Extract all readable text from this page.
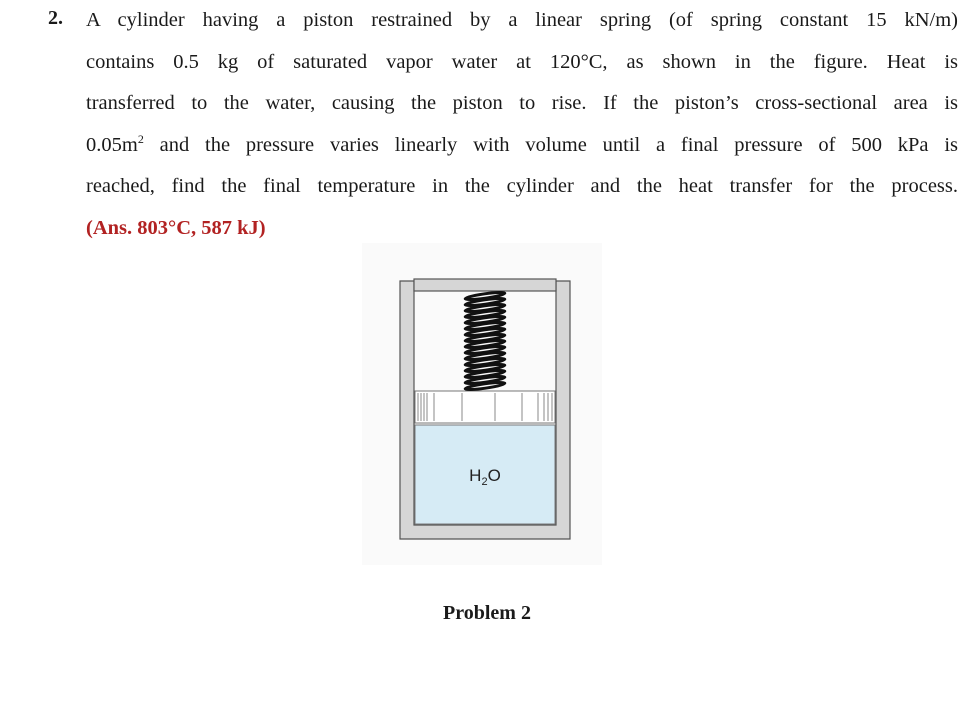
2. A cylinder having a piston restrained by a linear spring (of spring constant 15 kN/m)
contains 0.5 kg of saturated vapor water at 120°C, as shown in the figure. Heat is
transferred to the water, causing the piston to rise. If the piston’s cross-sectional area is
$0.05m^2$ and the pressure varies linearly with volume until a final pressure of 500 kPa is
reached, find the final temperature in the cylinder and the heat transfer for the process.
(Ans. 803°C, 587 kJ)
$H_2O$
Problem 2
